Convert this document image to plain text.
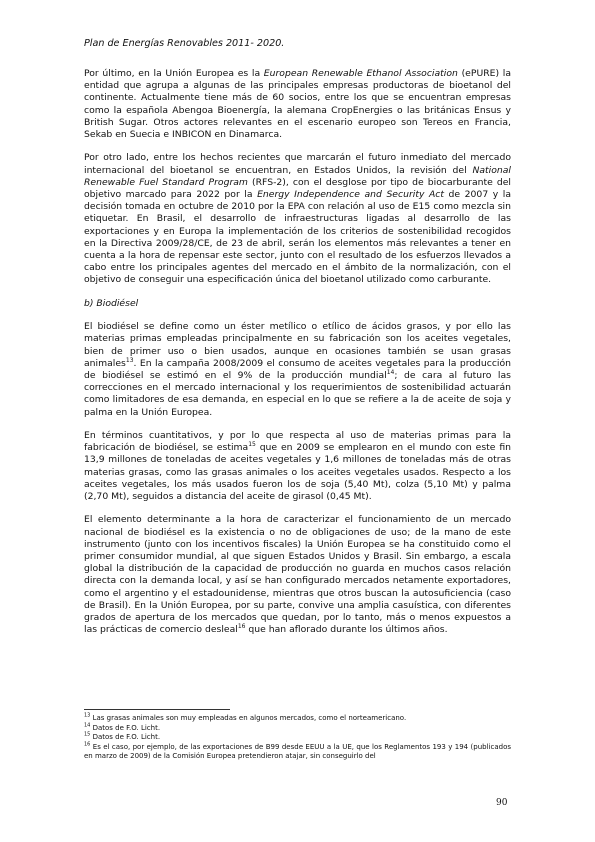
Plan de Energías Renovables 2011- 2020.

Por último, en la Unión Europea es la European Renewable Ethanol Association (ePURE) la entidad que agrupa a algunas de las principales empresas productoras de bioetanol del continente. Actualmente tiene más de 60 socios, entre los que se encuentran empresas como la española Abengoa Bioenergía, la alemana CropEnergies o las británicas Ensus y British Sugar. Otros actores relevantes en el escenario europeo son Tereos en Francia, Sekab en Suecia e INBICON en Dinamarca.

Por otro lado, entre los hechos recientes que marcarán el futuro inmediato del mercado internacional del bioetanol se encuentran, en Estados Unidos, la revisión del National Renewable Fuel Standard Program (RFS-2), con el desglose por tipo de biocarburante del objetivo marcado para 2022 por la Energy Independence and Security Act de 2007 y la decisión tomada en octubre de 2010 por la EPA con relación al uso de E15 como mezcla sin etiquetar. En Brasil, el desarrollo de infraestructuras ligadas al desarrollo de las exportaciones y en Europa la implementación de los criterios de sostenibilidad recogidos en la Directiva 2009/28/CE, de 23 de abril, serán los elementos más relevantes a tener en cuenta a la hora de repensar este sector, junto con el resultado de los esfuerzos llevados a cabo entre los principales agentes del mercado en el ámbito de la normalización, con el objetivo de conseguir una especificación única del bioetanol utilizado como carburante.

b) Biodiésel

El biodiésel se define como un éster metílico o etílico de ácidos grasos, y por ello las materias primas empleadas principalmente en su fabricación son los aceites vegetales, bien de primer uso o bien usados, aunque en ocasiones también se usan grasas animales$^{13}$. En la campaña 2008/2009 el consumo de aceites vegetales para la producción de biodiésel se estimó en el 9% de la producción mundial$^{14}$; de cara al futuro las correcciones en el mercado internacional y los requerimientos de sostenibilidad actuarán como limitadores de esa demanda, en especial en lo que se refiere a la de aceite de soja y palma en la Unión Europea.

En términos cuantitativos, y por lo que respecta al uso de materias primas para la fabricación de biodiésel, se estima$^{15}$ que en 2009 se emplearon en el mundo con este fin 13,9 millones de toneladas de aceites vegetales y 1,6 millones de toneladas más de otras materias grasas, como las grasas animales o los aceites vegetales usados. Respecto a los aceites vegetales, los más usados fueron los de soja (5,40 Mt), colza (5,10 Mt) y palma (2,70 Mt), seguidos a distancia del aceite de girasol (0,45 Mt).

El elemento determinante a la hora de caracterizar el funcionamiento de un mercado nacional de biodiésel es la existencia o no de obligaciones de uso; de la mano de este instrumento (junto con los incentivos fiscales) la Unión Europea se ha constituido como el primer consumidor mundial, al que siguen Estados Unidos y Brasil. Sin embargo, a escala global la distribución de la capacidad de producción no guarda en muchos casos relación directa con la demanda local, y así se han configurado mercados netamente exportadores, como el argentino y el estadounidense, mientras que otros buscan la autosuficiencia (caso de Brasil). En la Unión Europea, por su parte, convive una amplia casuística, con diferentes grados de apertura de los mercados que quedan, por lo tanto, más o menos expuestos a las prácticas de comercio desleal$^{16}$ que han aflorado durante los últimos años.

$^{13}$ Las grasas animales son muy empleadas en algunos mercados, como el norteamericano.
$^{14}$ Datos de F.O. Licht.
$^{15}$ Datos de F.O. Licht.
$^{16}$ Es el caso, por ejemplo, de las exportaciones de B99 desde EEUU a la UE, que los Reglamentos 193 y 194 (publicados en marzo de 2009) de la Comisión Europea pretendieron atajar, sin conseguirlo del
90
